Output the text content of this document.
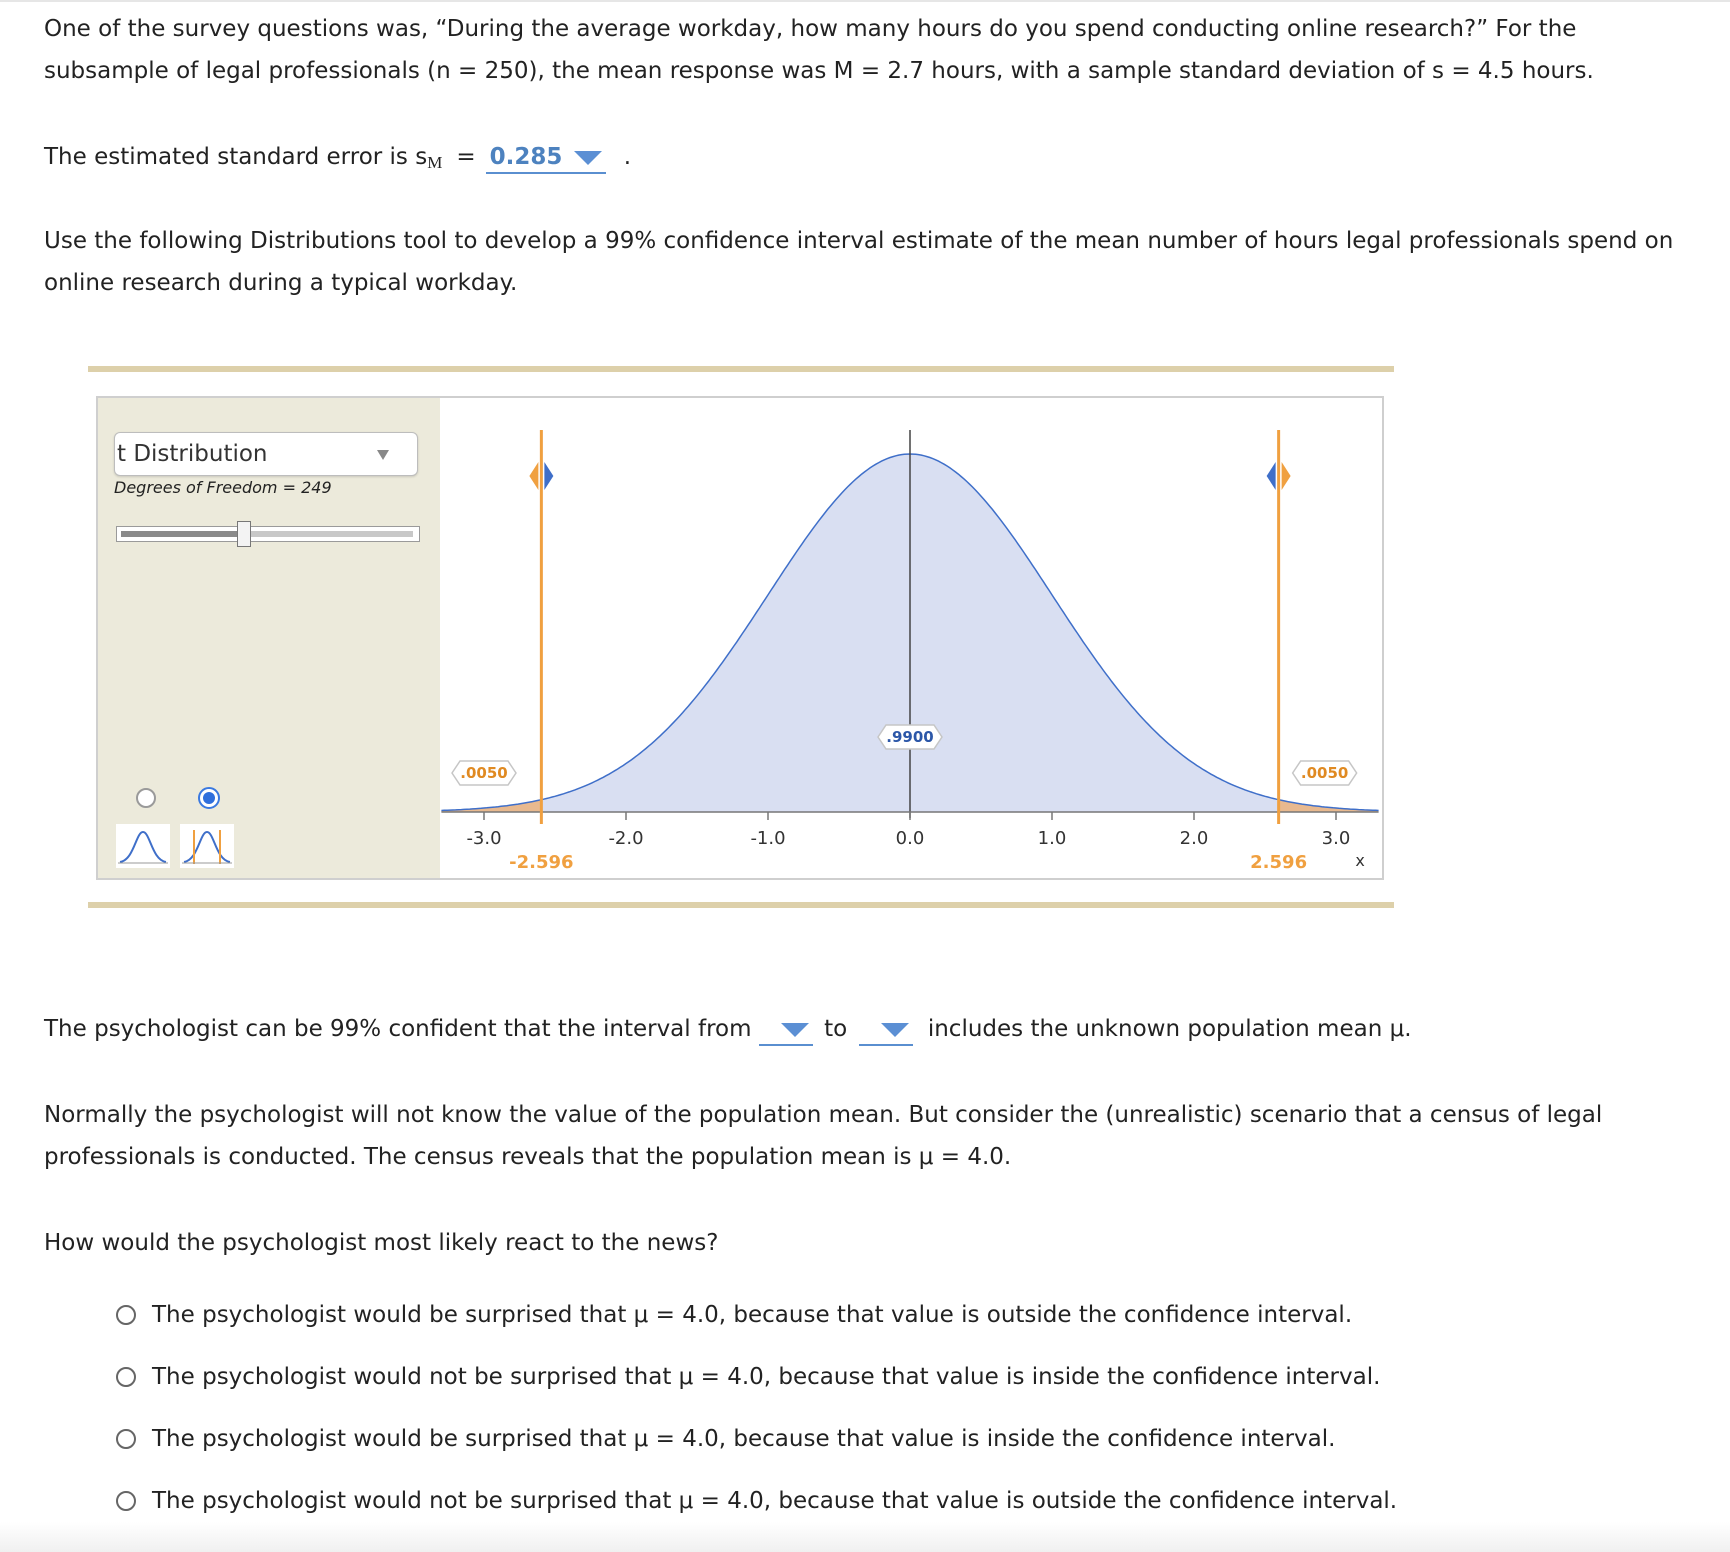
One of the survey questions was, “During the average workday, how many hours do you spend conducting online research?” For the subsample of legal professionals (n = 250), the mean response was M = 2.7 hours, with a sample standard deviation of s = 4.5 hours.
The estimated standard error is sM = 0.285	.
Use the following Distributions tool to develop a 99% confidence interval estimate of the mean number of hours legal professionals spend on online research during a typical workday.
t Distribution
Degrees of Freedom = 249
-3.0	-2.0	-1.0	0.0	1.0	2.0	3.0
x
-2.596	2.596
.9900
.0050	.0050
The psychologist can be 99% confident that the interval from	to	includes the unknown population mean μ.
Normally the psychologist will not know the value of the population mean. But consider the (unrealistic) scenario that a census of legal professionals is conducted. The census reveals that the population mean is μ = 4.0.
How would the psychologist most likely react to the news?
The psychologist would be surprised that μ = 4.0, because that value is outside the confidence interval.
The psychologist would not be surprised that μ = 4.0, because that value is inside the confidence interval.
The psychologist would be surprised that μ = 4.0, because that value is inside the confidence interval.
The psychologist would not be surprised that μ = 4.0, because that value is outside the confidence interval.
